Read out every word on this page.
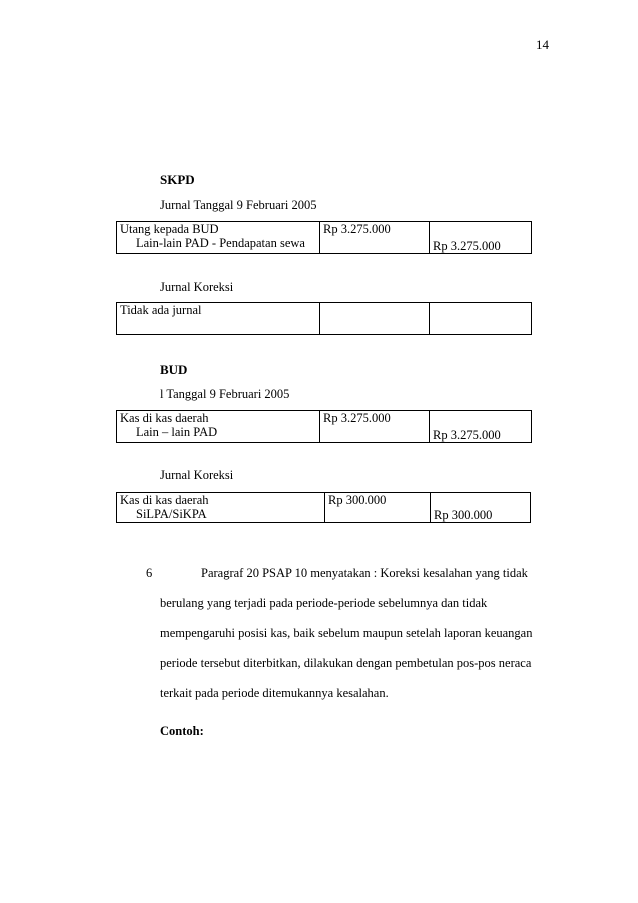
14
SKPD
Jurnal Tanggal 9 Februari 2005
Utang kepada BUD
Lain-lain PAD - Pendapatan sewa
	Rp 3.275.000	Rp 3.275.000
Jurnal Koreksi
Tidak ada jurnal		
BUD
l Tanggal 9 Februari 2005
Kas di kas daerah
Lain – lain PAD
	Rp 3.275.000	Rp 3.275.000
Jurnal Koreksi
Kas di kas daerah
SiLPA/SiKPA
	Rp 300.000	Rp 300.000
6	Paragraf 20 PSAP 10 menyatakan : Koreksi kesalahan yang tidak
berulang yang terjadi pada periode-periode sebelumnya dan tidak
mempengaruhi posisi kas, baik sebelum maupun setelah laporan keuangan
periode tersebut diterbitkan, dilakukan dengan pembetulan pos-pos neraca
terkait pada periode ditemukannya kesalahan.
Contoh:
